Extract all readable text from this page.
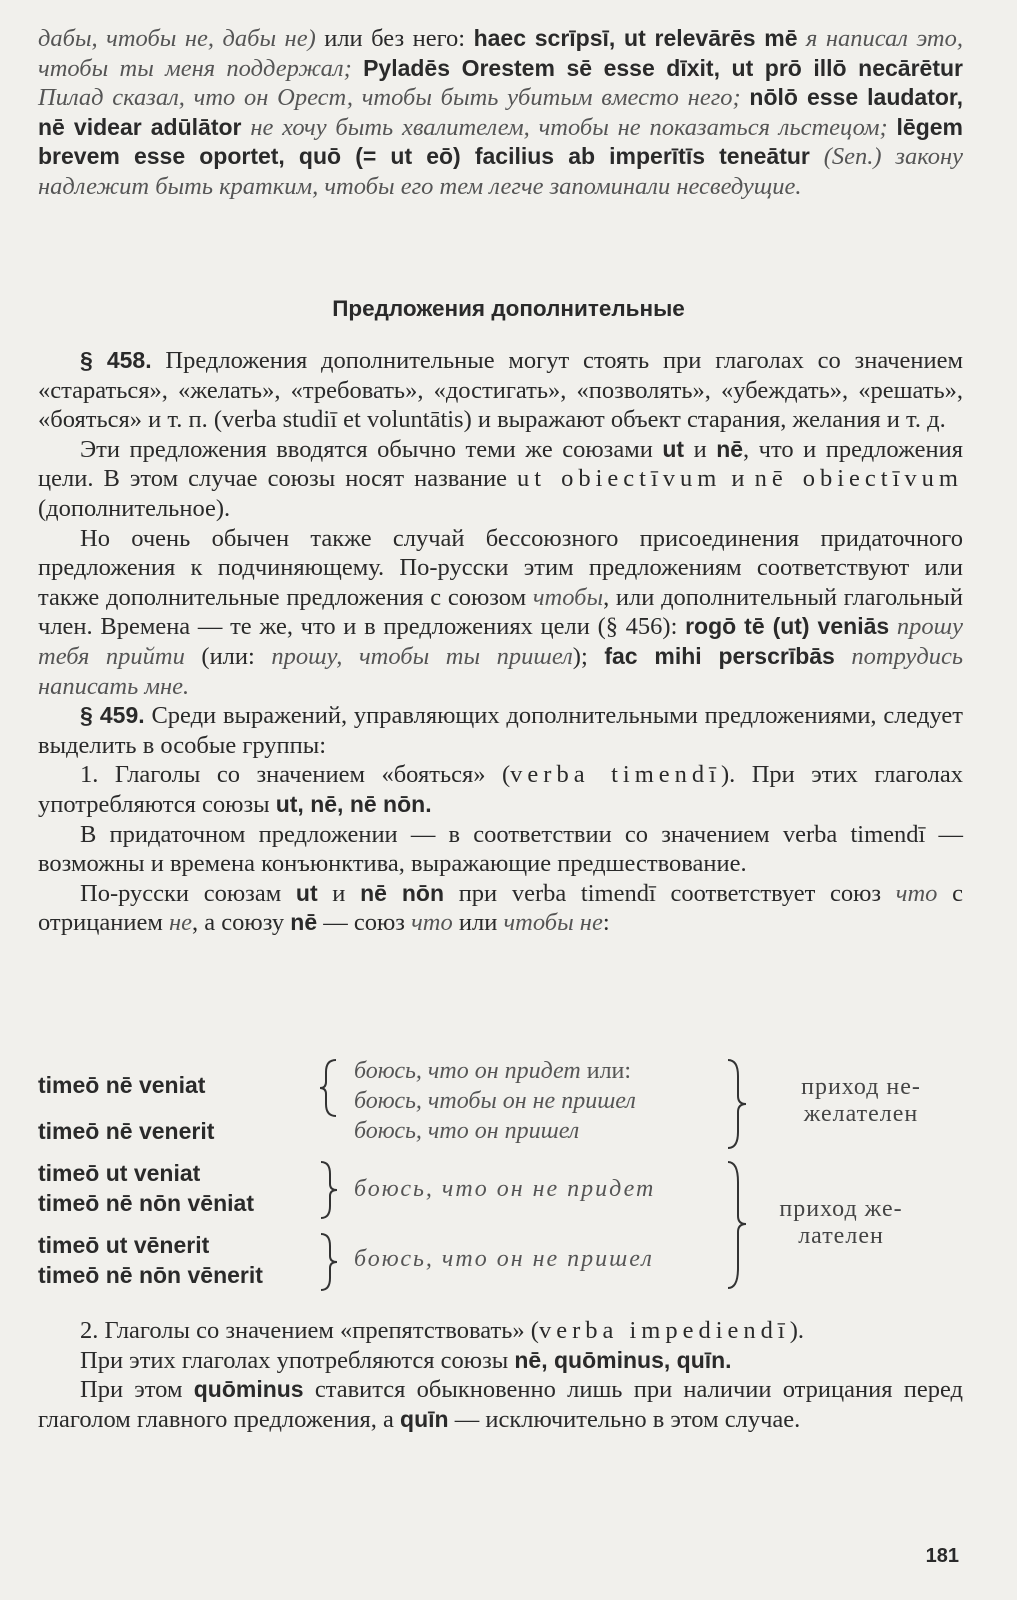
дабы, чтобы не, дабы не) или без него: haec scrīpsī, ut relevārēs mē я написал это, чтобы ты меня поддержал; Pyladēs Orestem sē esse dīxit, ut prō illō necārētur Пилад сказал, что он Орест, чтобы быть убитым вместо него; nōlō esse laudator, nē videar adūlātor не хочу быть хвалителем, чтобы не показаться льстецом; lēgem brevem esse oportet, quō (= ut eō) facilius ab imperītīs teneātur (Sen.) закону надлежит быть кратким, чтобы его тем легче запоминали несведущие.

Предложения дополнительные

§ 458. Предложения дополнительные могут стоять при глаголах со значением «стараться», «желать», «требовать», «достигать», «позволять», «убеждать», «решать», «бояться» и т. п. (verba studiī et voluntātis) и выражают объект старания, желания и т. д.

Эти предложения вводятся обычно теми же союзами ut и nē, что и предложения цели. В этом случае союзы носят название ut obiectīvum и nē obiectīvum (дополнительное).

Но очень обычен также случай бессоюзного присоединения придаточного предложения к подчиняющему. По-русски этим предложениям соответствуют или также дополнительные предложения с союзом чтобы, или дополнительный глагольный член. Времена — те же, что и в предложениях цели (§ 456): rogō tē (ut) veniās прошу тебя прийти (или: прошу, чтобы ты пришел); fac mihi perscrībās потрудись написать мне.

§ 459. Среди выражений, управляющих дополнительными предложениями, следует выделить в особые группы:

1. Глаголы со значением «бояться» (verba timendī). При этих глаголах употребляются союзы ut, nē, nē nōn.

В придаточном предложении — в соответствии со значением verba timendī — возможны и времена конъюнктива, выражающие предшествование.

По-русски союзам ut и nē nōn при verba timendī соответствует союз что с отрицанием не, а союзу nē — союз что или чтобы не:

timeō nē veniat
timeō nē venerit
боюсь, что он придет или:
боюсь, чтобы он не пришел
боюсь, что он пришел
приход не-
желателен
timeō ut veniat
timeō nē nōn vēniat
боюсь, что он не придет
timeō ut vēnerit
timeō nē nōn vēnerit
боюсь, что он не пришел
приход же-
лателен

2. Глаголы со значением «препятствовать» (verba impediendī).

При этих глаголах употребляются союзы nē, quōminus, quīn.

При этом quōminus ставится обыкновенно лишь при наличии отрицания перед глаголом главного предложения, а quīn — исключительно в этом случае.

181
